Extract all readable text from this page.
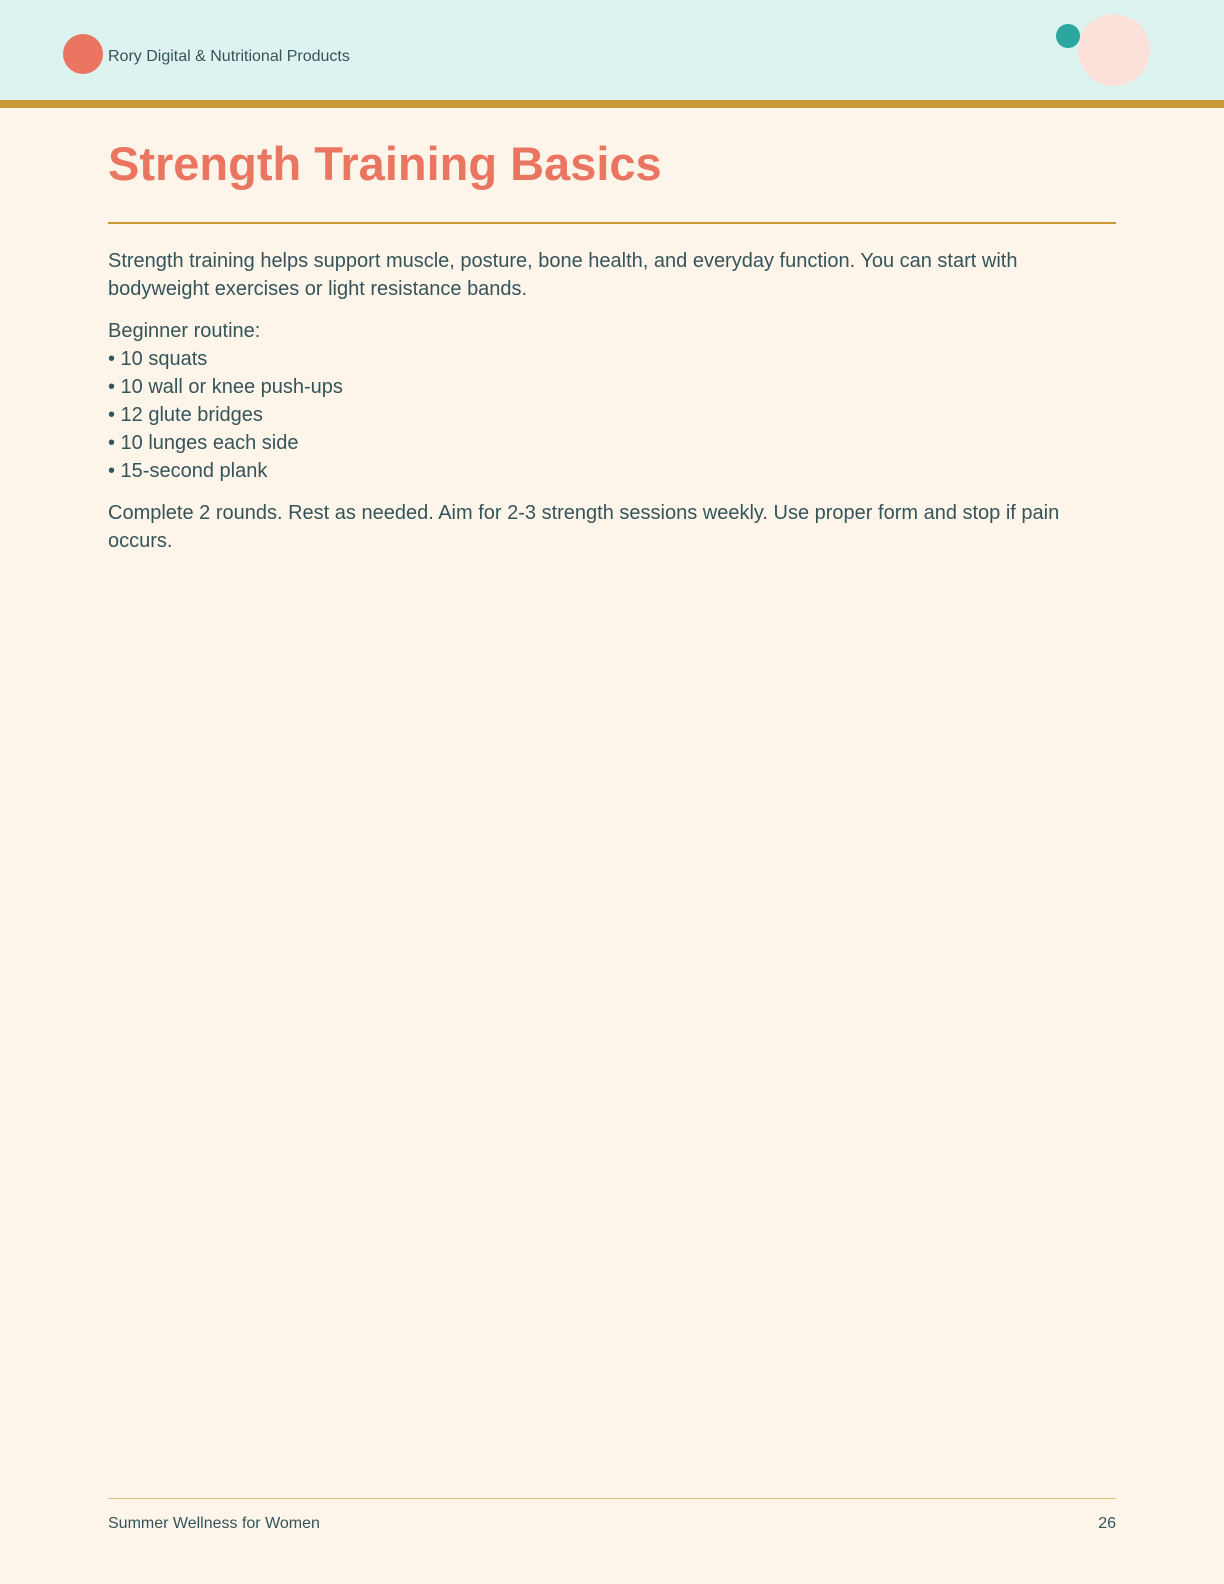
Rory Digital & Nutritional Products
Strength Training Basics

Strength training helps support muscle, posture, bone health, and everyday function. You can start with bodyweight exercises or light resistance bands.

Beginner routine:
• 10 squats
• 10 wall or knee push-ups
• 12 glute bridges
• 10 lunges each side
• 15-second plank

Complete 2 rounds. Rest as needed. Aim for 2-3 strength sessions weekly. Use proper form and stop if pain occurs.

Summer Wellness for Women	26
